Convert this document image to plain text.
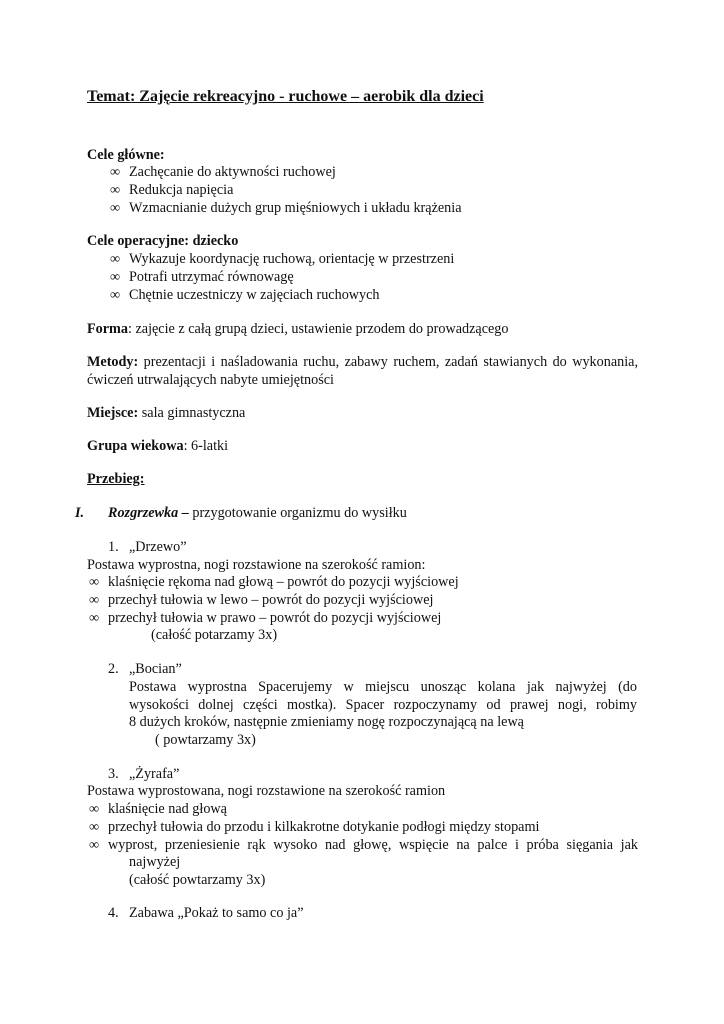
Temat: Zajęcie rekreacyjno - ruchowe – aerobik dla dzieci
Cele główne:
∞ Zachęcanie do aktywności ruchowej
∞ Redukcja napięcia
∞ Wzmacnianie dużych grup mięśniowych i układu krążenia
Cele operacyjne: dziecko
∞ Wykazuje koordynację ruchową, orientację w przestrzeni
∞ Potrafi utrzymać równowagę
∞ Chętnie uczestniczy w zajęciach ruchowych
Forma: zajęcie z całą grupą dzieci, ustawienie przodem do prowadzącego
Metody: prezentacji i naśladowania ruchu, zabawy ruchem, zadań stawianych do wykonania, ćwiczeń utrwalających nabyte umiejętności
Miejsce: sala gimnastyczna
Grupa wiekowa: 6-latki
Przebieg:
I. Rozgrzewka – przygotowanie organizmu do wysiłku
1. „Drzewo”
Postawa wyprostna, nogi rozstawione na szerokość ramion:
∞ klaśnięcie rękoma nad głową – powrót do pozycji wyjściowej
∞ przechył tułowia w lewo – powrót do pozycji wyjściowej
∞ przechył tułowia w prawo – powrót do pozycji wyjściowej
(całość potarzamy 3x)
2. „Bocian”
Postawa wyprostna Spacerujemy w miejscu unosząc kolana jak najwyżej (do
wysokości dolnej części mostka). Spacer rozpoczynamy od prawej nogi, robimy
8 dużych kroków, następnie zmieniamy nogę rozpoczynającą na lewą
( powtarzamy 3x)
3. „Żyrafa”
Postawa wyprostowana, nogi rozstawione na szerokość ramion
∞ klaśnięcie nad głową
∞ przechył tułowia do przodu i kilkakrotne dotykanie podłogi między stopami
∞ wyprost, przeniesienie rąk wysoko nad głowę, wspięcie na palce i próba sięgania jak
najwyżej
(całość powtarzamy 3x)
4. Zabawa „Pokaż to samo co ja”
